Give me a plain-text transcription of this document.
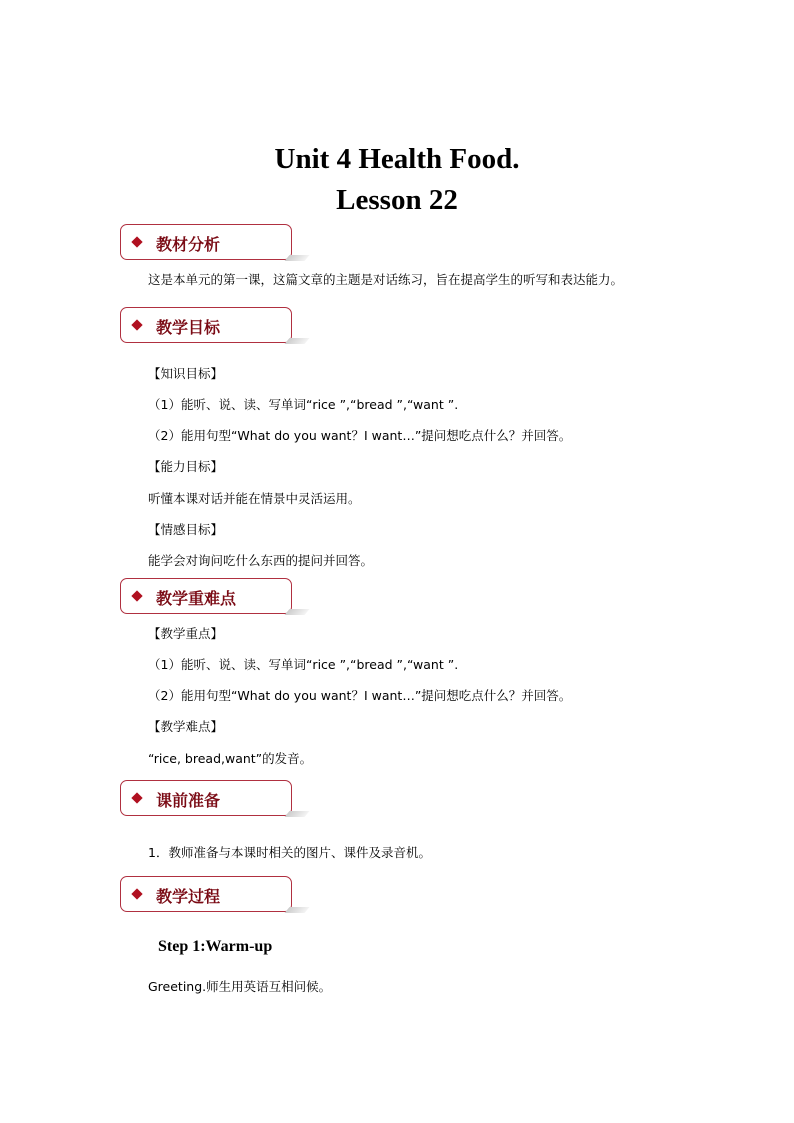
Unit 4 Health Food.
Lesson 22
教材分析
这是本单元的第一课，这篇文章的主题是对话练习，旨在提高学生的听写和表达能力。
教学目标
【知识目标】
（1）能听、说、读、写单词“rice ”,“bread ”,“want ”.
（2）能用句型“What do you want？I want…”提问想吃点什么？并回答。
【能力目标】
听懂本课对话并能在情景中灵活运用。
【情感目标】
能学会对询问吃什么东西的提问并回答。
教学重难点
【教学重点】
（1）能听、说、读、写单词“rice ”,“bread ”,“want ”.
（2）能用句型“What do you want？I want…”提问想吃点什么？并回答。
【教学难点】
“rice, bread,want”的发音。
课前准备
1．教师准备与本课时相关的图片、课件及录音机。
教学过程
Step 1:Warm-up
Greeting.师生用英语互相问候。
